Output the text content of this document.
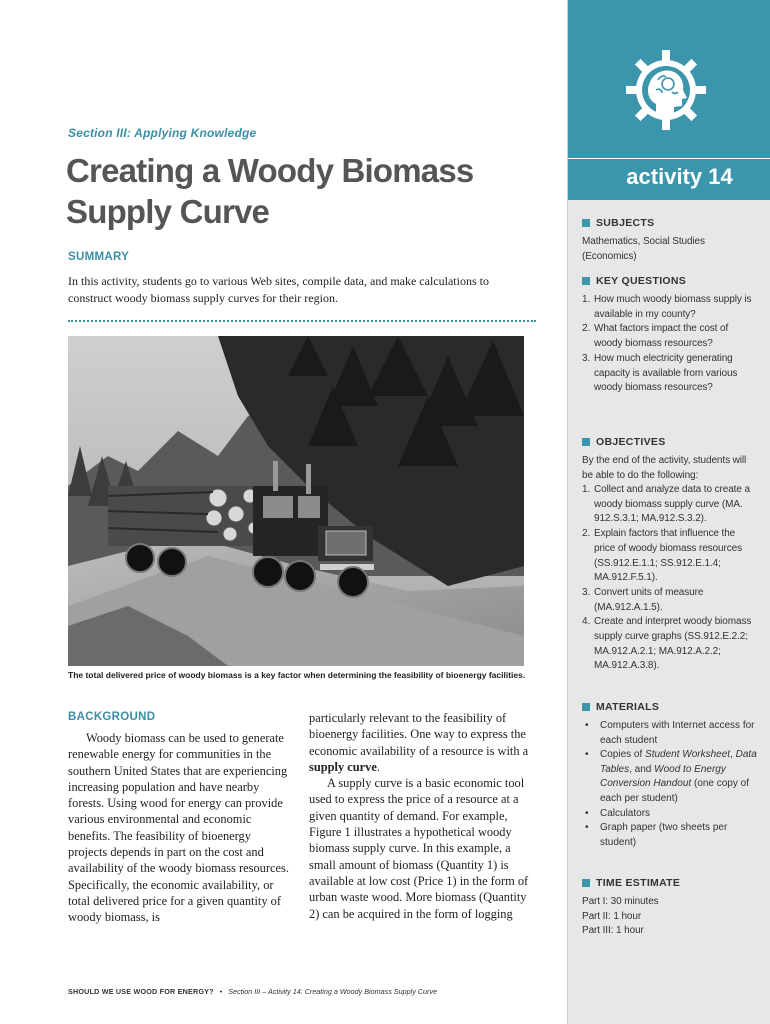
Section III: Applying Knowledge
Creating a Woody Biomass
Supply Curve
SUMMARY

In this activity, students go to various Web sites, compile data, and make calculations to construct woody biomass supply curves for their region.

The total delivered price of woody biomass is a key factor when determining the feasibility of bioenergy facilities.

BACKGROUND

Woody biomass can be used to generate renewable energy for communities in the southern United States that are experiencing increasing population and have nearby forests. Using wood for energy can provide various environmental and economic benefits. The feasibility of bioenergy projects depends in part on the cost and availability of the woody biomass resources. Specifically, the economic availability, or total delivered price for a given quantity of woody biomass, is

particularly relevant to the feasibility of bioenergy facilities. One way to express the economic availability of a resource is with a supply curve.

A supply curve is a basic economic tool used to express the price of a resource at a given quantity of demand. For example, Figure 1 illustrates a hypothetical woody biomass supply curve. In this example, a small amount of biomass (Quantity 1) is available at low cost (Price 1) in the form of urban waste wood. More biomass (Quantity 2) can be acquired in the form of logging

SHOULD WE USE WOOD FOR ENERGY? • Section III – Activity 14: Creating a Woody Biomass Supply Curve
activity 14
SUBJECTS

Mathematics, Social Studies (Economics)

KEY QUESTIONS
1. How much woody biomass supply is available in my county?
2. What factors impact the cost of woody biomass resources?
3. How much electricity generating capacity is available from various woody biomass resources?
OBJECTIVES

By the end of the activity, students will be able to do the following:

1. Collect and analyze data to create a woody biomass supply curve (MA. 912.S.3.1; MA.912.S.3.2).
2. Explain factors that influence the price of woody biomass resources (SS.912.E.1.1; SS.912.E.1.4; MA.912.F.5.1).
3. Convert units of measure (MA.912.A.1.5).
4. Create and interpret woody biomass supply curve graphs (SS.912.E.2.2; MA.912.A.2.1; MA.912.A.2.2; MA.912.A.3.8).
MATERIALS
• Computers with Internet access for each student
• Copies of Student Worksheet, Data Tables, and Wood to Energy Conversion Handout (one copy of each per student)
• Calculators
• Graph paper (two sheets per student)
TIME ESTIMATE

Part I: 30 minutes

Part II: 1 hour

Part III: 1 hour
